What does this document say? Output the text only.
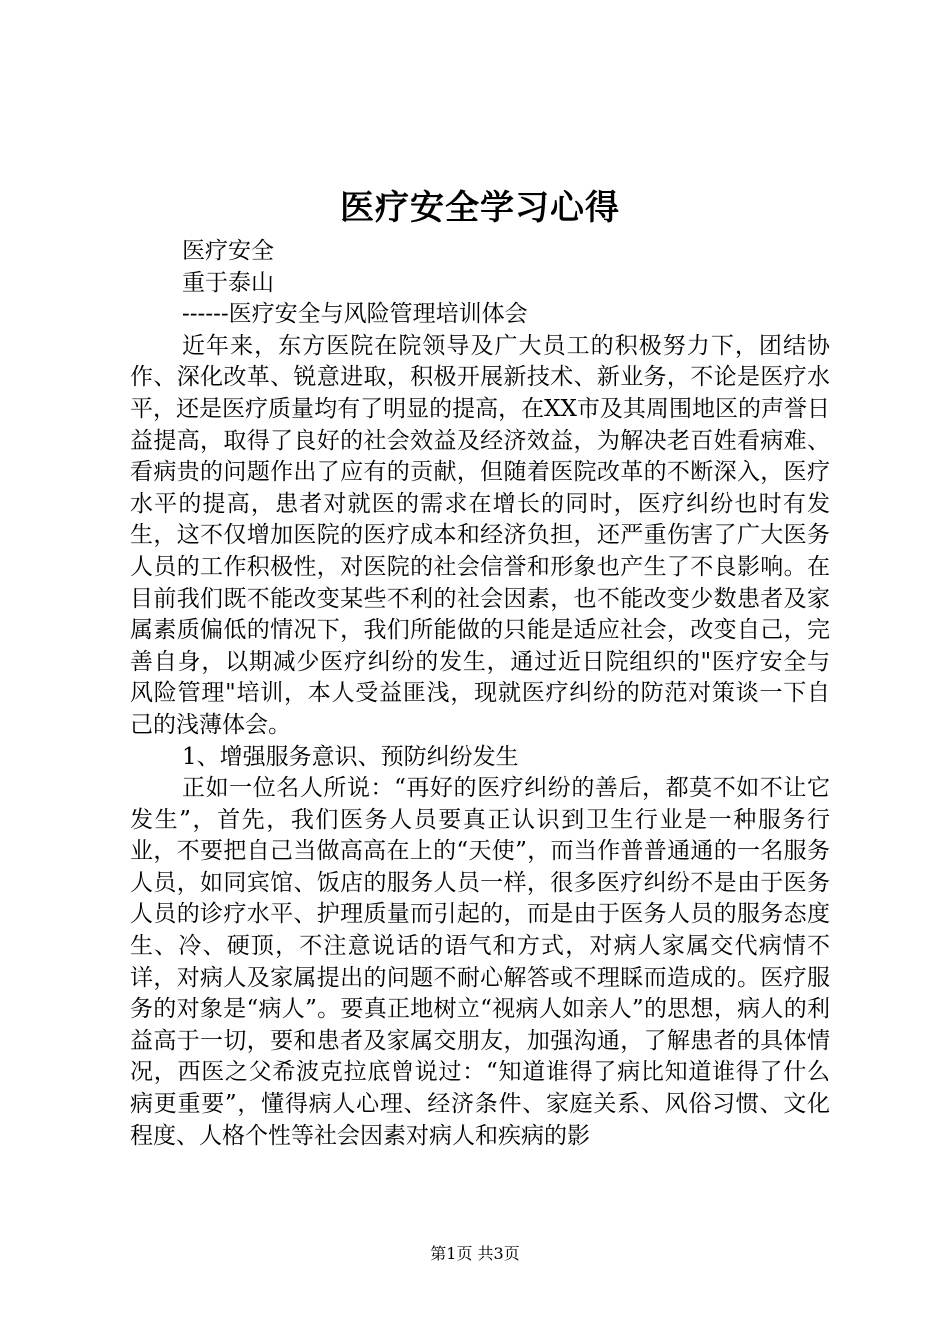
医疗安全学习心得

医疗安全

重于泰山

------医疗安全与风险管理培训体会

近年来，东方医院在院领导及广大员工的积极努力下，团结协作、深化改革、锐意进取，积极开展新技术、新业务，不论是医疗水平，还是医疗质量均有了明显的提高，在XX市及其周围地区的声誉日益提高，取得了良好的社会效益及经济效益，为解决老百姓看病难、看病贵的问题作出了应有的贡献，但随着医院改革的不断深入，医疗水平的提高，患者对就医的需求在增长的同时，医疗纠纷也时有发生，这不仅增加医院的医疗成本和经济负担，还严重伤害了广大医务人员的工作积极性，对医院的社会信誉和形象也产生了不良影响。在目前我们既不能改变某些不利的社会因素，也不能改变少数患者及家属素质偏低的情况下，我们所能做的只能是适应社会，改变自己，完善自身，以期减少医疗纠纷的发生，通过近日院组织的"医疗安全与风险管理"培训，本人受益匪浅，现就医疗纠纷的防范对策谈一下自己的浅薄体会。

1、增强服务意识、预防纠纷发生

正如一位名人所说：“再好的医疗纠纷的善后，都莫不如不让它发生”，首先，我们医务人员要真正认识到卫生行业是一种服务行业，不要把自己当做高高在上的“天使”，而当作普普通通的一名服务人员，如同宾馆、饭店的服务人员一样，很多医疗纠纷不是由于医务人员的诊疗水平、护理质量而引起的，而是由于医务人员的服务态度生、冷、硬顶，不注意说话的语气和方式，对病人家属交代病情不详，对病人及家属提出的问题不耐心解答或不理睬而造成的。医疗服务的对象是“病人”。要真正地树立“视病人如亲人”的思想，病人的利益高于一切，要和患者及家属交朋友，加强沟通，了解患者的具体情况，西医之父希波克拉底曾说过：“知道谁得了病比知道谁得了什么病更重要”，懂得病人心理、经济条件、家庭关系、风俗习惯、文化程度、人格个性等社会因素对病人和疾病的影

第1页 共3页
